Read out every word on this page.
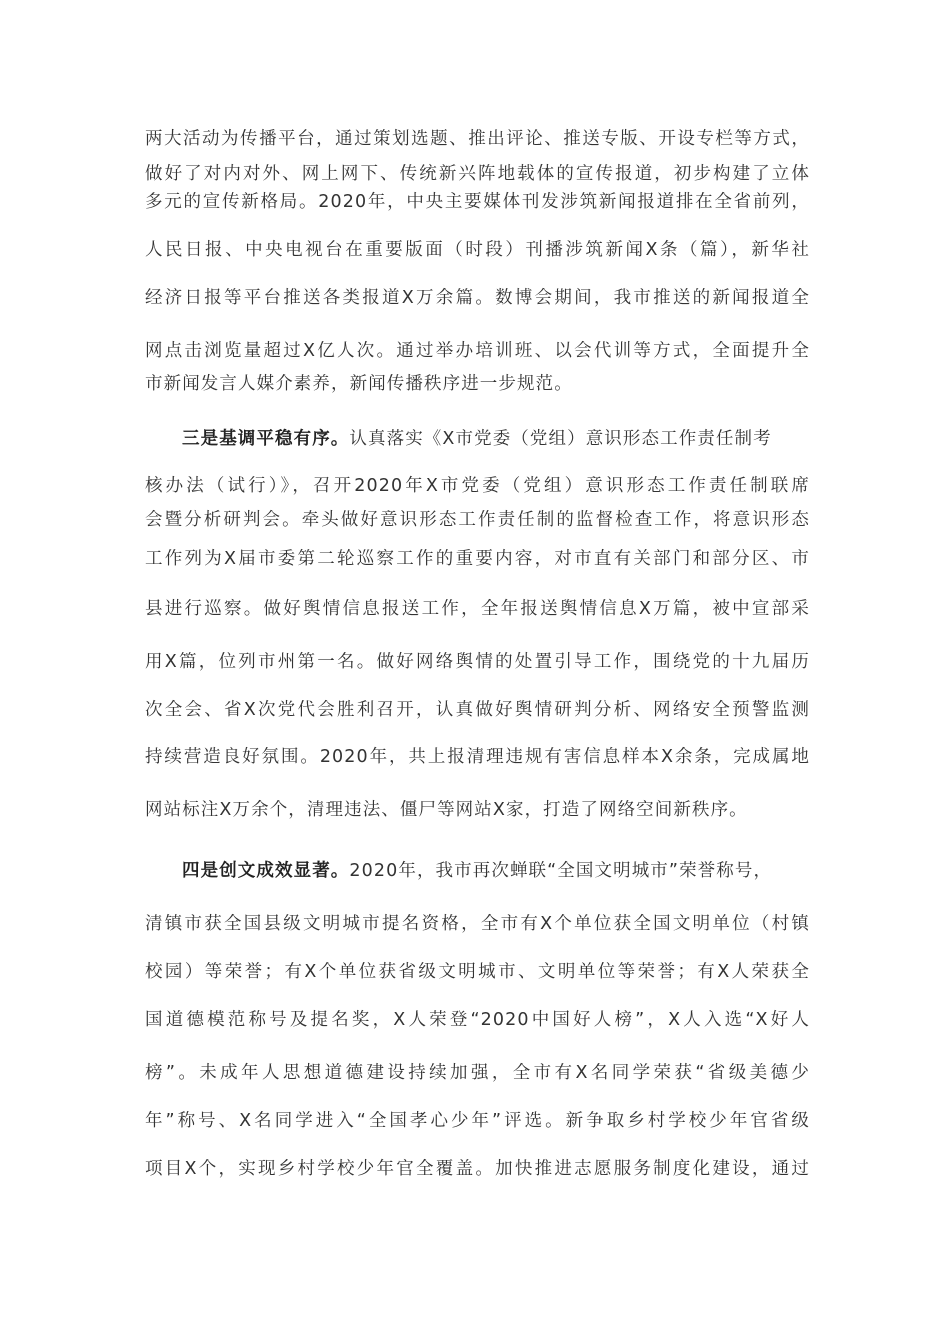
两大活动为传播平台，通过策划选题、推出评论、推送专版、开设专栏等方式，
做好了对内对外、网上网下、传统新兴阵地载体的宣传报道，初步构建了立体
多元的宣传新格局。2020年，中央主要媒体刊发涉筑新闻报道排在全省前列，
人民日报、中央电视台在重要版面（时段）刊播涉筑新闻X条（篇），新华社
经济日报等平台推送各类报道X万余篇。数博会期间，我市推送的新闻报道全
网点击浏览量超过X亿人次。通过举办培训班、以会代训等方式，全面提升全
市新闻发言人媒介素养，新闻传播秩序进一步规范。
三是基调平稳有序。认真落实《X市党委（党组）意识形态工作责任制考
核办法（试行）》，召开2020年X市党委（党组）意识形态工作责任制联席
会暨分析研判会。牵头做好意识形态工作责任制的监督检查工作，将意识形态
工作列为X届市委第二轮巡察工作的重要内容，对市直有关部门和部分区、市
县进行巡察。做好舆情信息报送工作，全年报送舆情信息X万篇，被中宣部采
用X篇，位列市州第一名。做好网络舆情的处置引导工作，围绕党的十九届历
次全会、省X次党代会胜利召开，认真做好舆情研判分析、网络安全预警监测
持续营造良好氛围。2020年，共上报清理违规有害信息样本X余条，完成属地
网站标注X万余个，清理违法、僵尸等网站X家，打造了网络空间新秩序。
四是创文成效显著。2020年，我市再次蝉联“全国文明城市”荣誉称号，
清镇市获全国县级文明城市提名资格，全市有X个单位获全国文明单位（村镇
校园）等荣誉；有X个单位获省级文明城市、文明单位等荣誉；有X人荣获全
国道德模范称号及提名奖，X人荣登“2020中国好人榜”，X人入选“X好人
榜”。未成年人思想道德建设持续加强，全市有X名同学荣获“省级美德少
年”称号、X名同学进入“全国孝心少年”评选。新争取乡村学校少年官省级
项目X个，实现乡村学校少年官全覆盖。加快推进志愿服务制度化建设，通过
